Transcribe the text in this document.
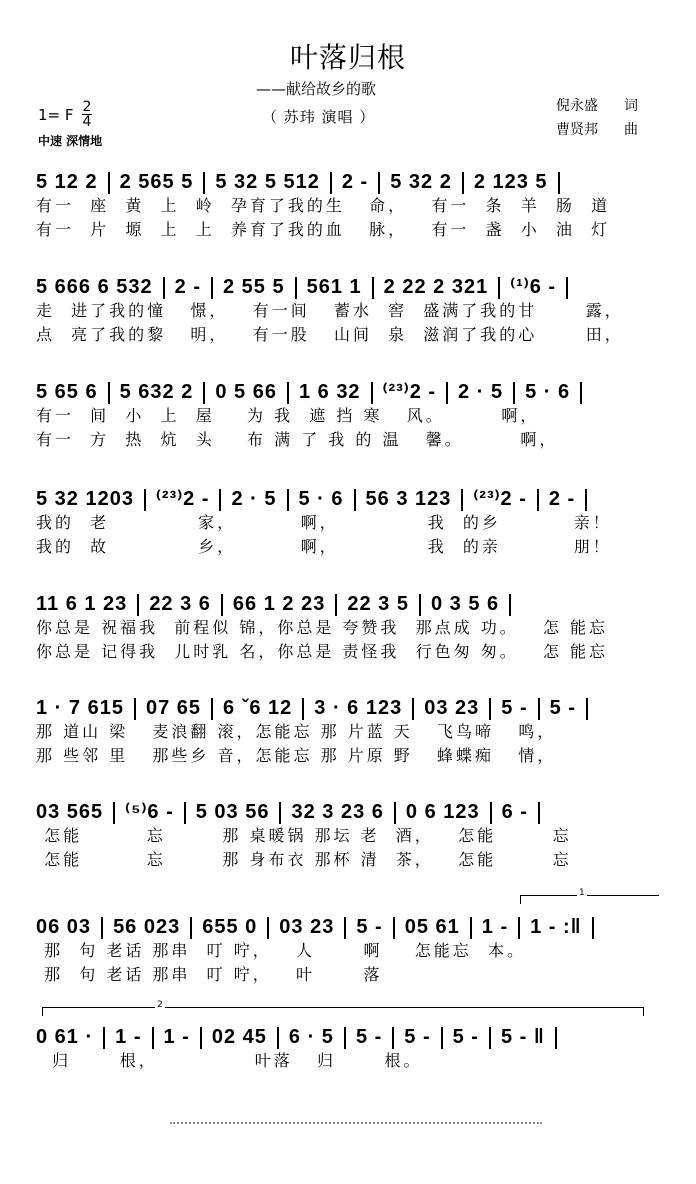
叶落归根
——献给故乡的歌
（ 苏玮 演唱 ）
1= F $\frac{2}{4}$
中速 深情地
倪永盛 词
曹贤邦 曲
5 12 2 2 565 5 5 32 5 512 2 - 5 32 2 2 123 5
有一  座  黄  上  岭  孕育了我的生   命，   有一  条  羊  肠  道
有一  片  塬  上  上  养育了我的血   脉，   有一  盏  小  油  灯
5 666 6 532 2 - 2 55 5 561 1 2 22 2 321 ⁽¹⁾6 -
走  进了我的憧   憬，   有一间   蓄水  窖  盛满了我的甘      露，
点  亮了我的黎   明，   有一股   山间  泉  滋润了我的心      田，
5 65 6 5 632 2 0 5 66 1 6 32 ⁽²³⁾2 - 2 · 5 5 · 6
有一  间  小  上  屋    为 我  遮 挡 寒   风。       啊，
有一  方  热  炕  头    布 满 了 我 的 温   馨。       啊，
5 32 1203 ⁽²³⁾2 - 2 · 5 5 · 6 56 3 123 ⁽²³⁾2 - 2 -
我的  老           家，        啊，           我  的乡         亲！
我的  故           乡，        啊，           我  的亲         朋！
11 6 1 23 22 3 6 66 1 2 23 22 3 5 0 3 5 6
你总是 祝福我  前程似 锦，你总是 夸赞我  那点成 功。   怎 能忘
你总是 记得我  儿时乳 名，你总是 责怪我  行色匆 匆。   怎 能忘
1 · 7 615 07 65 6 ˇ6 12 3 · 6 123 03 23 5 - 5 -
那 道山 梁   麦浪翻 滚，怎能忘 那 片蓝 天   飞鸟啼   鸣，
那 些邻 里   那些乡 音，怎能忘 那 片原 野   蜂蝶痴   情，
03 565 ⁽⁵⁾6 - 5 03 56 32 3 23 6 0 6 123 6 -
怎能        忘       那 桌暖锅 那坛 老  酒，   怎能       忘
怎能        忘       那 身布衣 那杯 清  茶，   怎能       忘
06 03 56 023 655 0 03 23 5 - 05 61 1 - 1 - :‖
那  句 老话 那串  叮 咛，   人      啊    怎能忘  本。
那  句 老话 那串  叮 咛，   叶      落
1
0 61 · 1 - 1 - 02 45 6 · 5 5 - 5 - 5 - 5 - ‖
归      根，            叶落   归      根。
2
